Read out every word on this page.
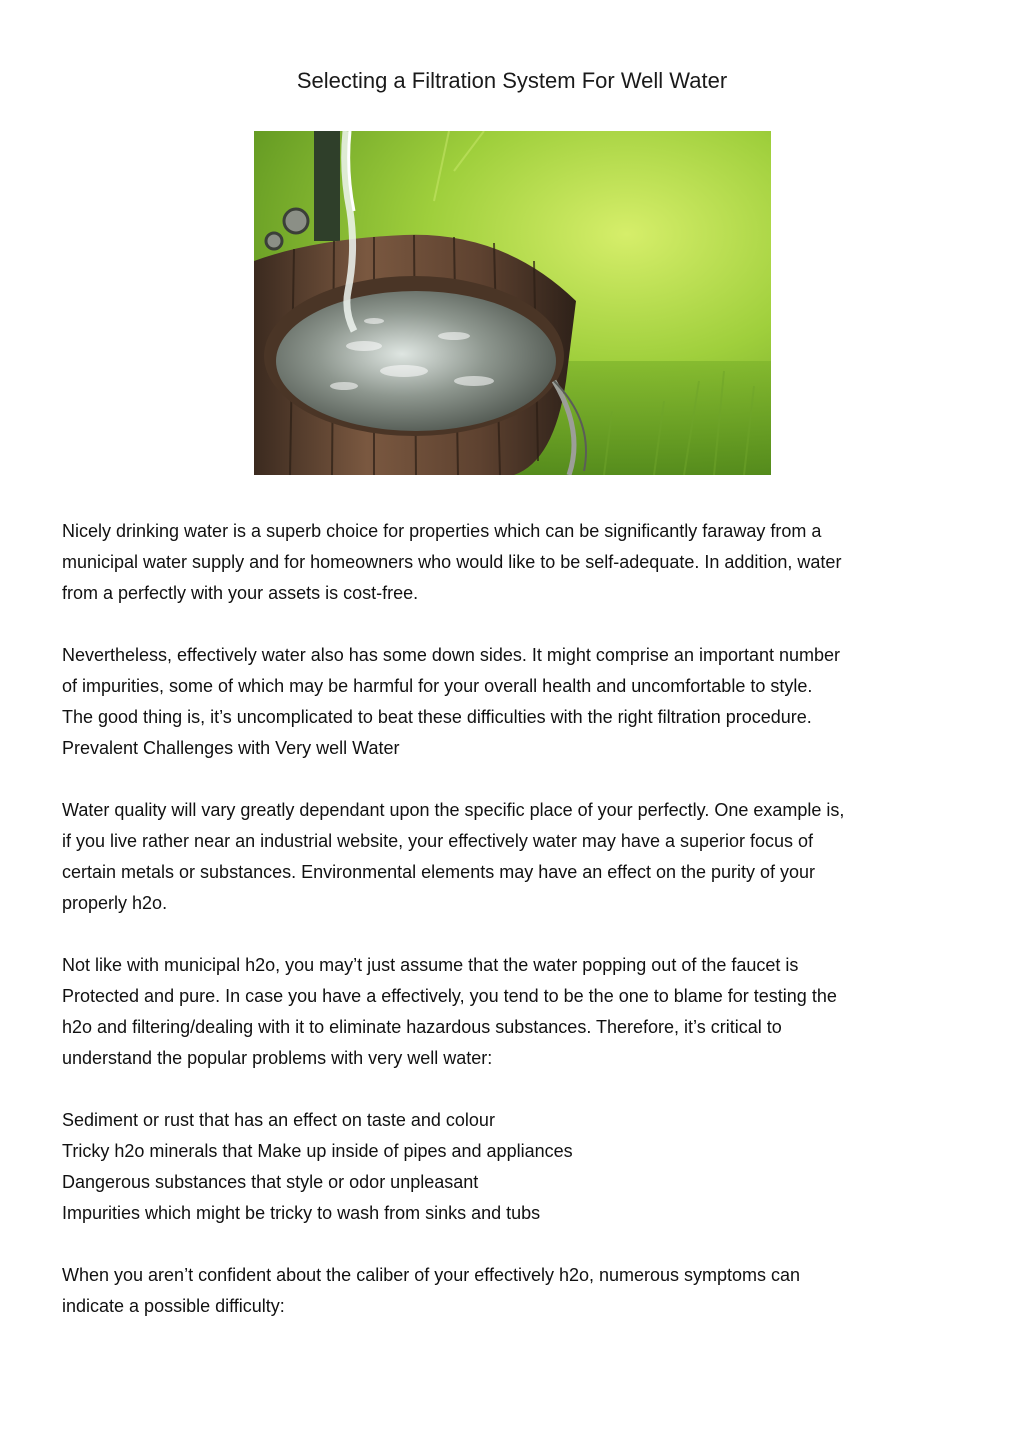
Selecting a Filtration System For Well Water

Nicely drinking water is a superb choice for properties which can be significantly faraway from a
municipal water supply and for homeowners who would like to be self-adequate. In addition, water
from a perfectly with your assets is cost-free.

Nevertheless, effectively water also has some down sides. It might comprise an important number
of impurities, some of which may be harmful for your overall health and uncomfortable to style.
The good thing is, it’s uncomplicated to beat these difficulties with the right filtration procedure.
Prevalent Challenges with Very well Water

Water quality will vary greatly dependant upon the specific place of your perfectly. One example is,
if you live rather near an industrial website, your effectively water may have a superior focus of
certain metals or substances. Environmental elements may have an effect on the purity of your
properly h2o.

Not like with municipal h2o, you may’t just assume that the water popping out of the faucet is
Protected and pure. In case you have a effectively, you tend to be the one to blame for testing the
h2o and filtering/dealing with it to eliminate hazardous substances. Therefore, it’s critical to
understand the popular problems with very well water:

Sediment or rust that has an effect on taste and colour
Tricky h2o minerals that Make up inside of pipes and appliances
Dangerous substances that style or odor unpleasant
Impurities which might be tricky to wash from sinks and tubs

When you aren’t confident about the caliber of your effectively h2o, numerous symptoms can
indicate a possible difficulty:
